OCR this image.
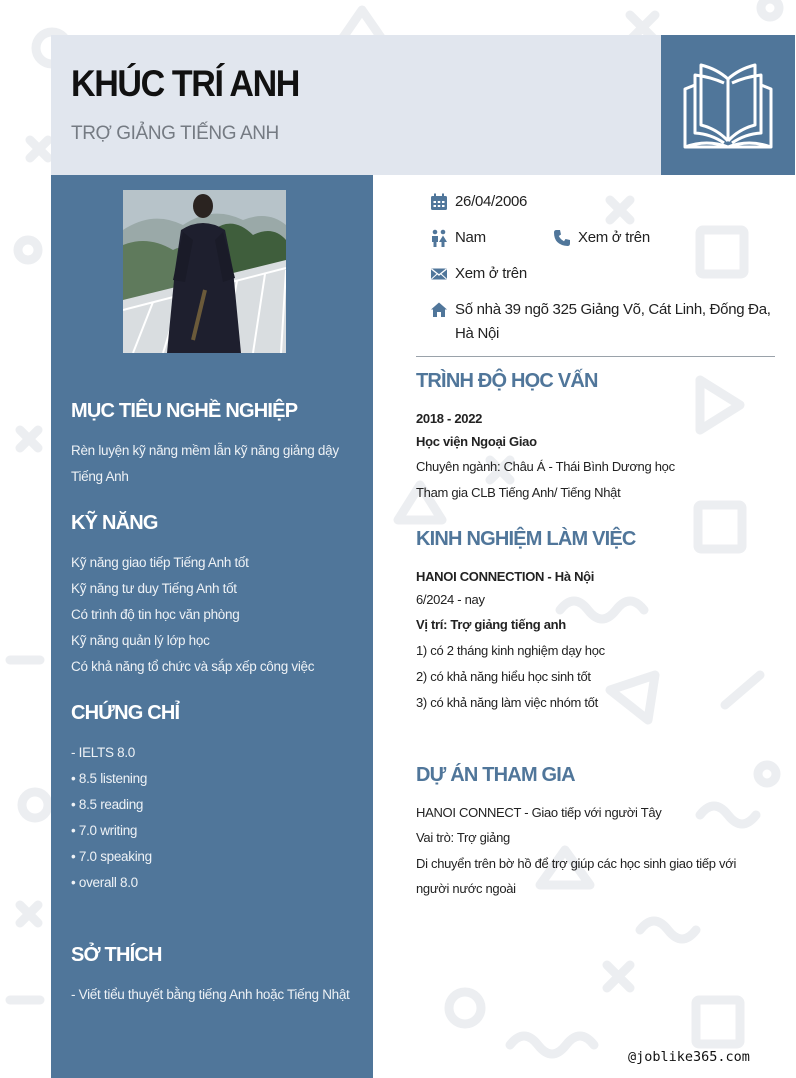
KHÚC TRÍ ANH
TRỢ GIẢNG TIẾNG ANH
MỤC TIÊU NGHỀ NGHIỆP
Rèn luyện kỹ năng mềm lẫn kỹ năng giảng dậy Tiếng Anh
KỸ NĂNG
Kỹ năng giao tiếp Tiếng Anh tốt
Kỹ năng tư duy Tiếng Anh tốt
Có trình độ tin học văn phòng
Kỹ năng quản lý lớp học
Có khả năng tổ chức và sắp xếp công việc
CHỨNG CHỈ
- IELTS 8.0
• 8.5 listening
• 8.5 reading
• 7.0 writing
• 7.0 speaking
• overall 8.0
SỞ THÍCH
- Viết tiểu thuyết bằng tiếng Anh hoặc Tiếng Nhật
26/04/2006
Nam	Xem ở trên
Xem ở trên
Số nhà 39 ngõ 325 Giảng Võ, Cát Linh, Đống Đa, Hà Nội
TRÌNH ĐỘ HỌC VẤN
2018 - 2022
Học viện Ngoại Giao
Chuyên ngành: Châu Á - Thái Bình Dương học
Tham gia CLB Tiếng Anh/ Tiếng Nhật
KINH NGHIỆM LÀM VIỆC
HANOI CONNECTION - Hà Nội
6/2024 - nay
Vị trí: Trợ giảng tiếng anh
1) có 2 tháng kinh nghiệm dạy học
2) có khả năng hiểu học sinh tốt
3) có khả năng làm việc nhóm tốt
DỰ ÁN THAM GIA
HANOI CONNECT - Giao tiếp với người Tây
Vai trò: Trợ giảng
Di chuyển trên bờ hồ để trợ giúp các học sinh giao tiếp với người nước ngoài
@joblike365.com
